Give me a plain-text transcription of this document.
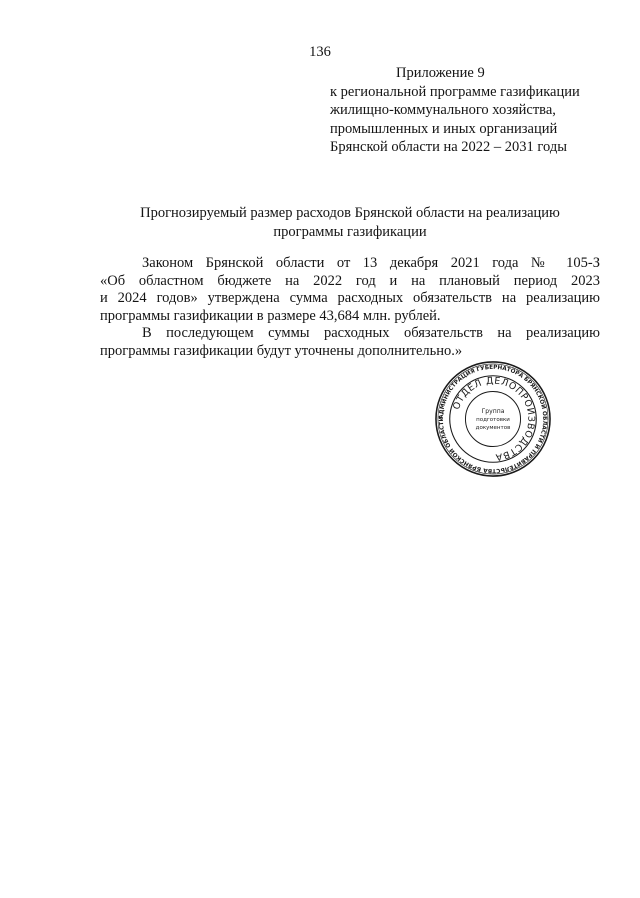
136
Приложение 9
к региональной программе газификации
жилищно-коммунального хозяйства,
промышленных и иных организаций
Брянской области на 2022 – 2031 годы
Прогнозируемый размер расходов Брянской области на реализацию
программы газификации
Законом Брянской области от 13 декабря 2021 года № 105-З
«Об областном бюджете на 2022 год и на плановый период 2023
и 2024 годов» утверждена сумма расходных обязательств на реализацию
программы газификации в размере 43,684 млн. рублей.
В последующем суммы расходных обязательств на реализацию
программы газификации будут уточнены дополнительно.»
АДМИНИСТРАЦИЯ ГУБЕРНАТОРА БРЯНСКОЙ ОБЛАСТИ И ПРАВИТЕЛЬСТВА БРЯНСКОЙ ОБЛАСТИ
ОТДЕЛ ДЕЛОПРОИЗВОДСТВА
Группа
подготовки
документов
